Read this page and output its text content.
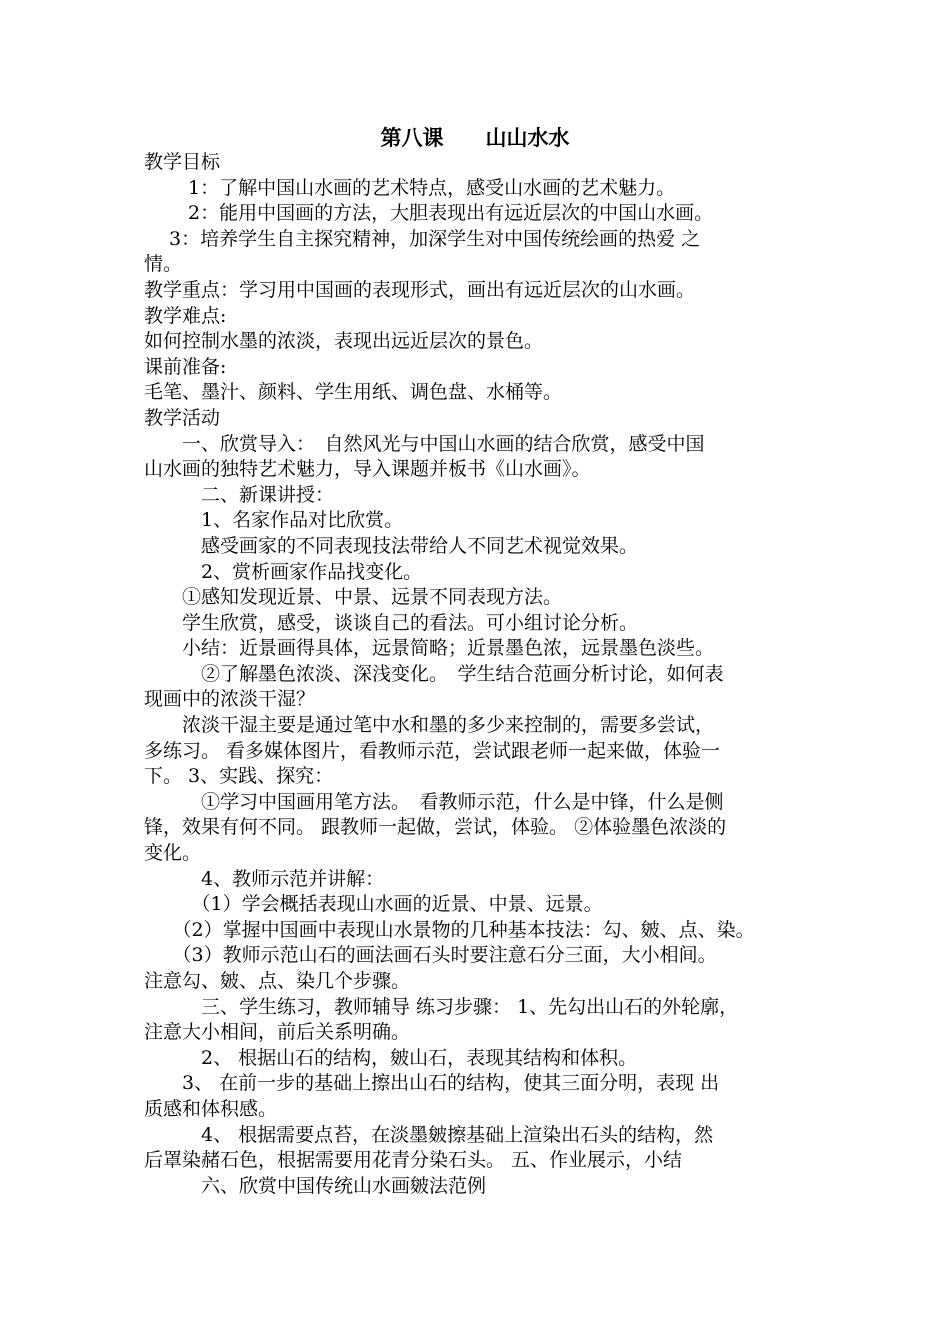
第八课　　山山水水
教学目标
　　 1：了解中国山水画的艺术特点，感受山水画的艺术魅力。
　　 2：能用中国画的方法，大胆表现出有远近层次的中国山水画。
　 3：培养学生自主探究精神，加深学生对中国传统绘画的热爱 之
情。
教学重点：学习用中国画的表现形式，画出有远近层次的山水画。
教学难点:
如何控制水墨的浓淡，表现出远近层次的景色。
课前准备:
毛笔、墨汁、颜料、学生用纸、调色盘、水桶等。
教学活动
　　一、欣赏导入：　自然风光与中国山水画的结合欣赏，感受中国
山水画的独特艺术魅力，导入课题并板书《山水画》。
　　　二、新课讲授：
　　　1、名家作品对比欣赏。
　　　感受画家的不同表现技法带给人不同艺术视觉效果。
　　　2、赏析画家作品找变化。
　　①感知发现近景、中景、远景不同表现方法。
　　学生欣赏，感受，谈谈自己的看法。可小组讨论分析。
　　小结：近景画得具体，远景简略；近景墨色浓，远景墨色淡些。
　　　②了解墨色浓淡、深浅变化。　学生结合范画分析讨论，如何表
现画中的浓淡干湿？
　　浓淡干湿主要是通过笔中水和墨的多少来控制的，需要多尝试，
多练习。 看多媒体图片，看教师示范，尝试跟老师一起来做，体验一
下。 3、实践、探究：
　　　①学习中国画用笔方法。　看教师示范，什么是中锋，什么是侧
锋，效果有何不同。 跟教师一起做，尝试，体验。 ②体验墨色浓淡的
变化。
　　　4、教师示范并讲解：
　　　（1）学会概括表现山水画的近景、中景、远景。
　　（2）掌握中国画中表现山水景物的几种基本技法：勾、皴、点、染。
　　（3）教师示范山石的画法画石头时要注意石分三面，大小相间。
注意勾、皴、点、染几个步骤。
　　　三、学生练习，教师辅导 练习步骤： 1、先勾出山石的外轮廓，
注意大小相间，前后关系明确。
　　　2、 根据山石的结构，皴山石，表现其结构和体积。
　　3、 在前一步的基础上擦出山石的结构，使其三面分明，表现 出
质感和体积感。
　　　4、 根据需要点苔，在淡墨皴擦基础上渲染出石头的结构，然
后罩染赭石色，根据需要用花青分染石头。 五、作业展示，小结
　　　六、欣赏中国传统山水画皴法范例
